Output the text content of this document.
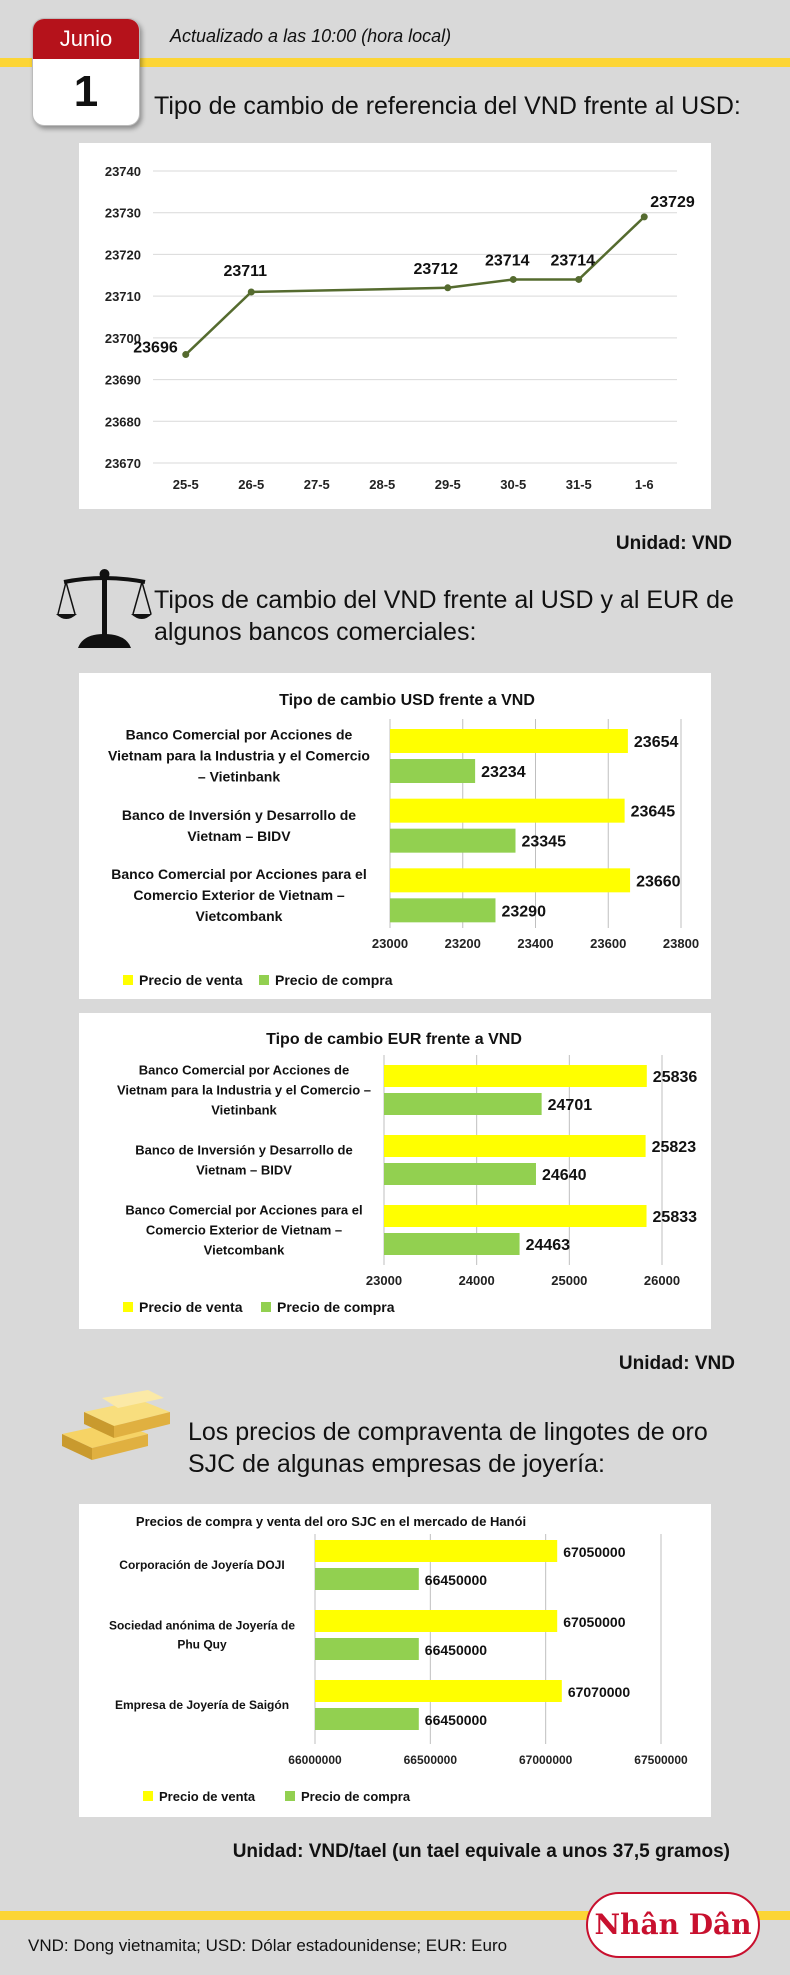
Junio
1
Actualizado a las 10:00 (hora local)
Tipo de cambio de referencia del VND frente al USD:
23670
23680
23690
23700
23710
23720
23730
23740
25-5	26-5	27-5	28-5	29-5	30-5	31-5	1-6
23696
23711	23712 23714 23714
23729
Unidad: VND
Tipos de cambio del VND frente al USD y al EUR de
algunos bancos comerciales:
Tipo de cambio USD frente a VND
23000	23200	23400	23600	23800
23654
23234
Banco Comercial por Acciones de
Vietnam para la Industria y el Comercio
– Vietinbank
23645
23345
Banco de Inversión y Desarrollo de
Vietnam – BIDV
23660
23290
Banco Comercial por Acciones para el
Comercio Exterior de Vietnam –
Vietcombank
Precio de venta Precio de compra
Tipo de cambio EUR frente a VND
23000	24000	25000	26000
25836
24701
Banco Comercial por Acciones de
Vietnam para la Industria y el Comercio –
Vietinbank
25823
24640
Banco de Inversión y Desarrollo de
Vietnam – BIDV
25833
24463
Banco Comercial por Acciones para el
Comercio Exterior de Vietnam –
Vietcombank
Precio de venta Precio de compra
Unidad: VND
Los precios de compraventa de lingotes de oro
SJC de algunas empresas de joyería:
Precios de compra y venta del oro SJC en el mercado de Hanói
66000000	66500000	67000000	67500000
67050000
66450000
Corporación de Joyería DOJI
67050000
66450000
Sociedad anónima de Joyería de
Phu Quy
67070000
66450000
Empresa de Joyería de Saigón
Precio de venta	Precio de compra
Unidad: VND/tael (un tael equivale a unos 37,5 gramos)
VND: Dong vietnamita; USD: Dólar estadounidense; EUR: Euro
Nhân Dân
